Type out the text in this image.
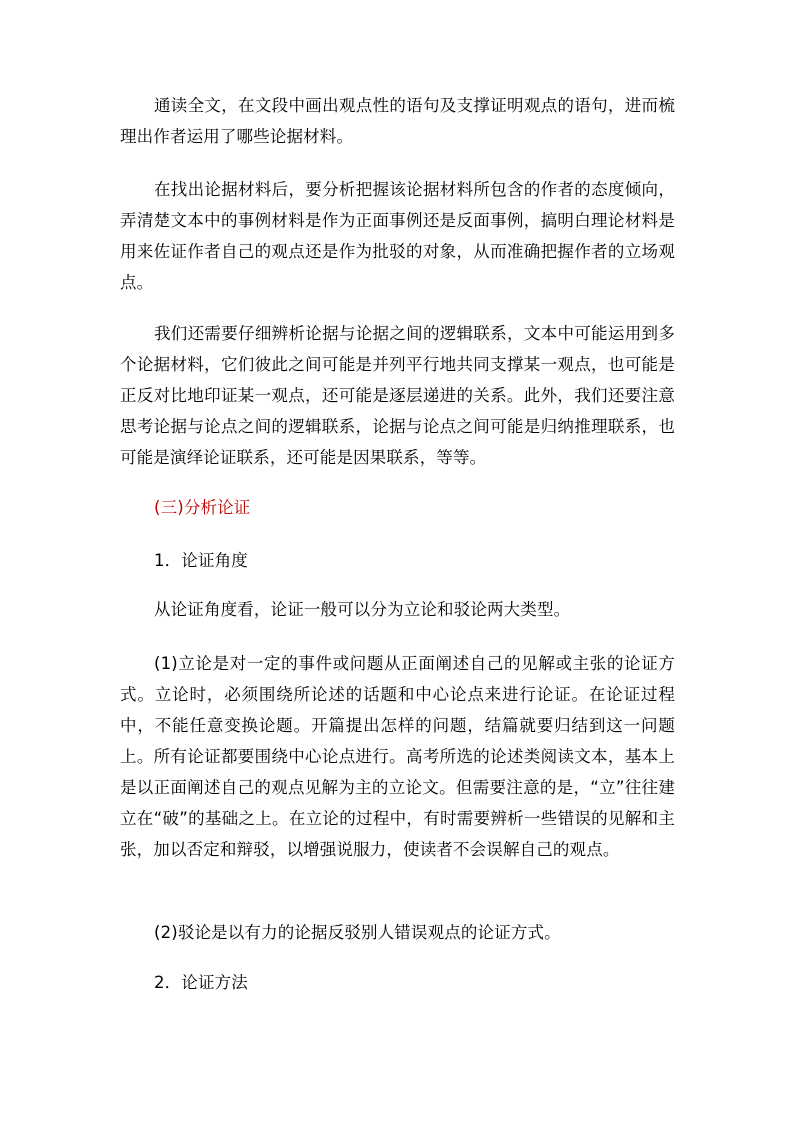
通读全文，在文段中画出观点性的语句及支撑证明观点的语句，进而梳理出作者运用了哪些论据材料。

在找出论据材料后，要分析把握该论据材料所包含的作者的态度倾向，弄清楚文本中的事例材料是作为正面事例还是反面事例，搞明白理论材料是用来佐证作者自己的观点还是作为批驳的对象，从而准确把握作者的立场观点。

我们还需要仔细辨析论据与论据之间的逻辑联系，文本中可能运用到多个论据材料，它们彼此之间可能是并列平行地共同支撑某一观点，也可能是正反对比地印证某一观点，还可能是逐层递进的关系。此外，我们还要注意思考论据与论点之间的逻辑联系，论据与论点之间可能是归纳推理联系，也可能是演绎论证联系，还可能是因果联系，等等。

(三)分析论证

1．论证角度

从论证角度看，论证一般可以分为立论和驳论两大类型。

(1)立论是对一定的事件或问题从正面阐述自己的见解或主张的论证方式。立论时，必须围绕所论述的话题和中心论点来进行论证。在论证过程中，不能任意变换论题。开篇提出怎样的问题，结篇就要归结到这一问题上。所有论证都要围绕中心论点进行。高考所选的论述类阅读文本，基本上是以正面阐述自己的观点见解为主的立论文。但需要注意的是，“立”往往建立在“破”的基础之上。在立论的过程中，有时需要辨析一些错误的见解和主张，加以否定和辩驳，以增强说服力，使读者不会误解自己的观点。

(2)驳论是以有力的论据反驳别人错误观点的论证方式。

2．论证方法
